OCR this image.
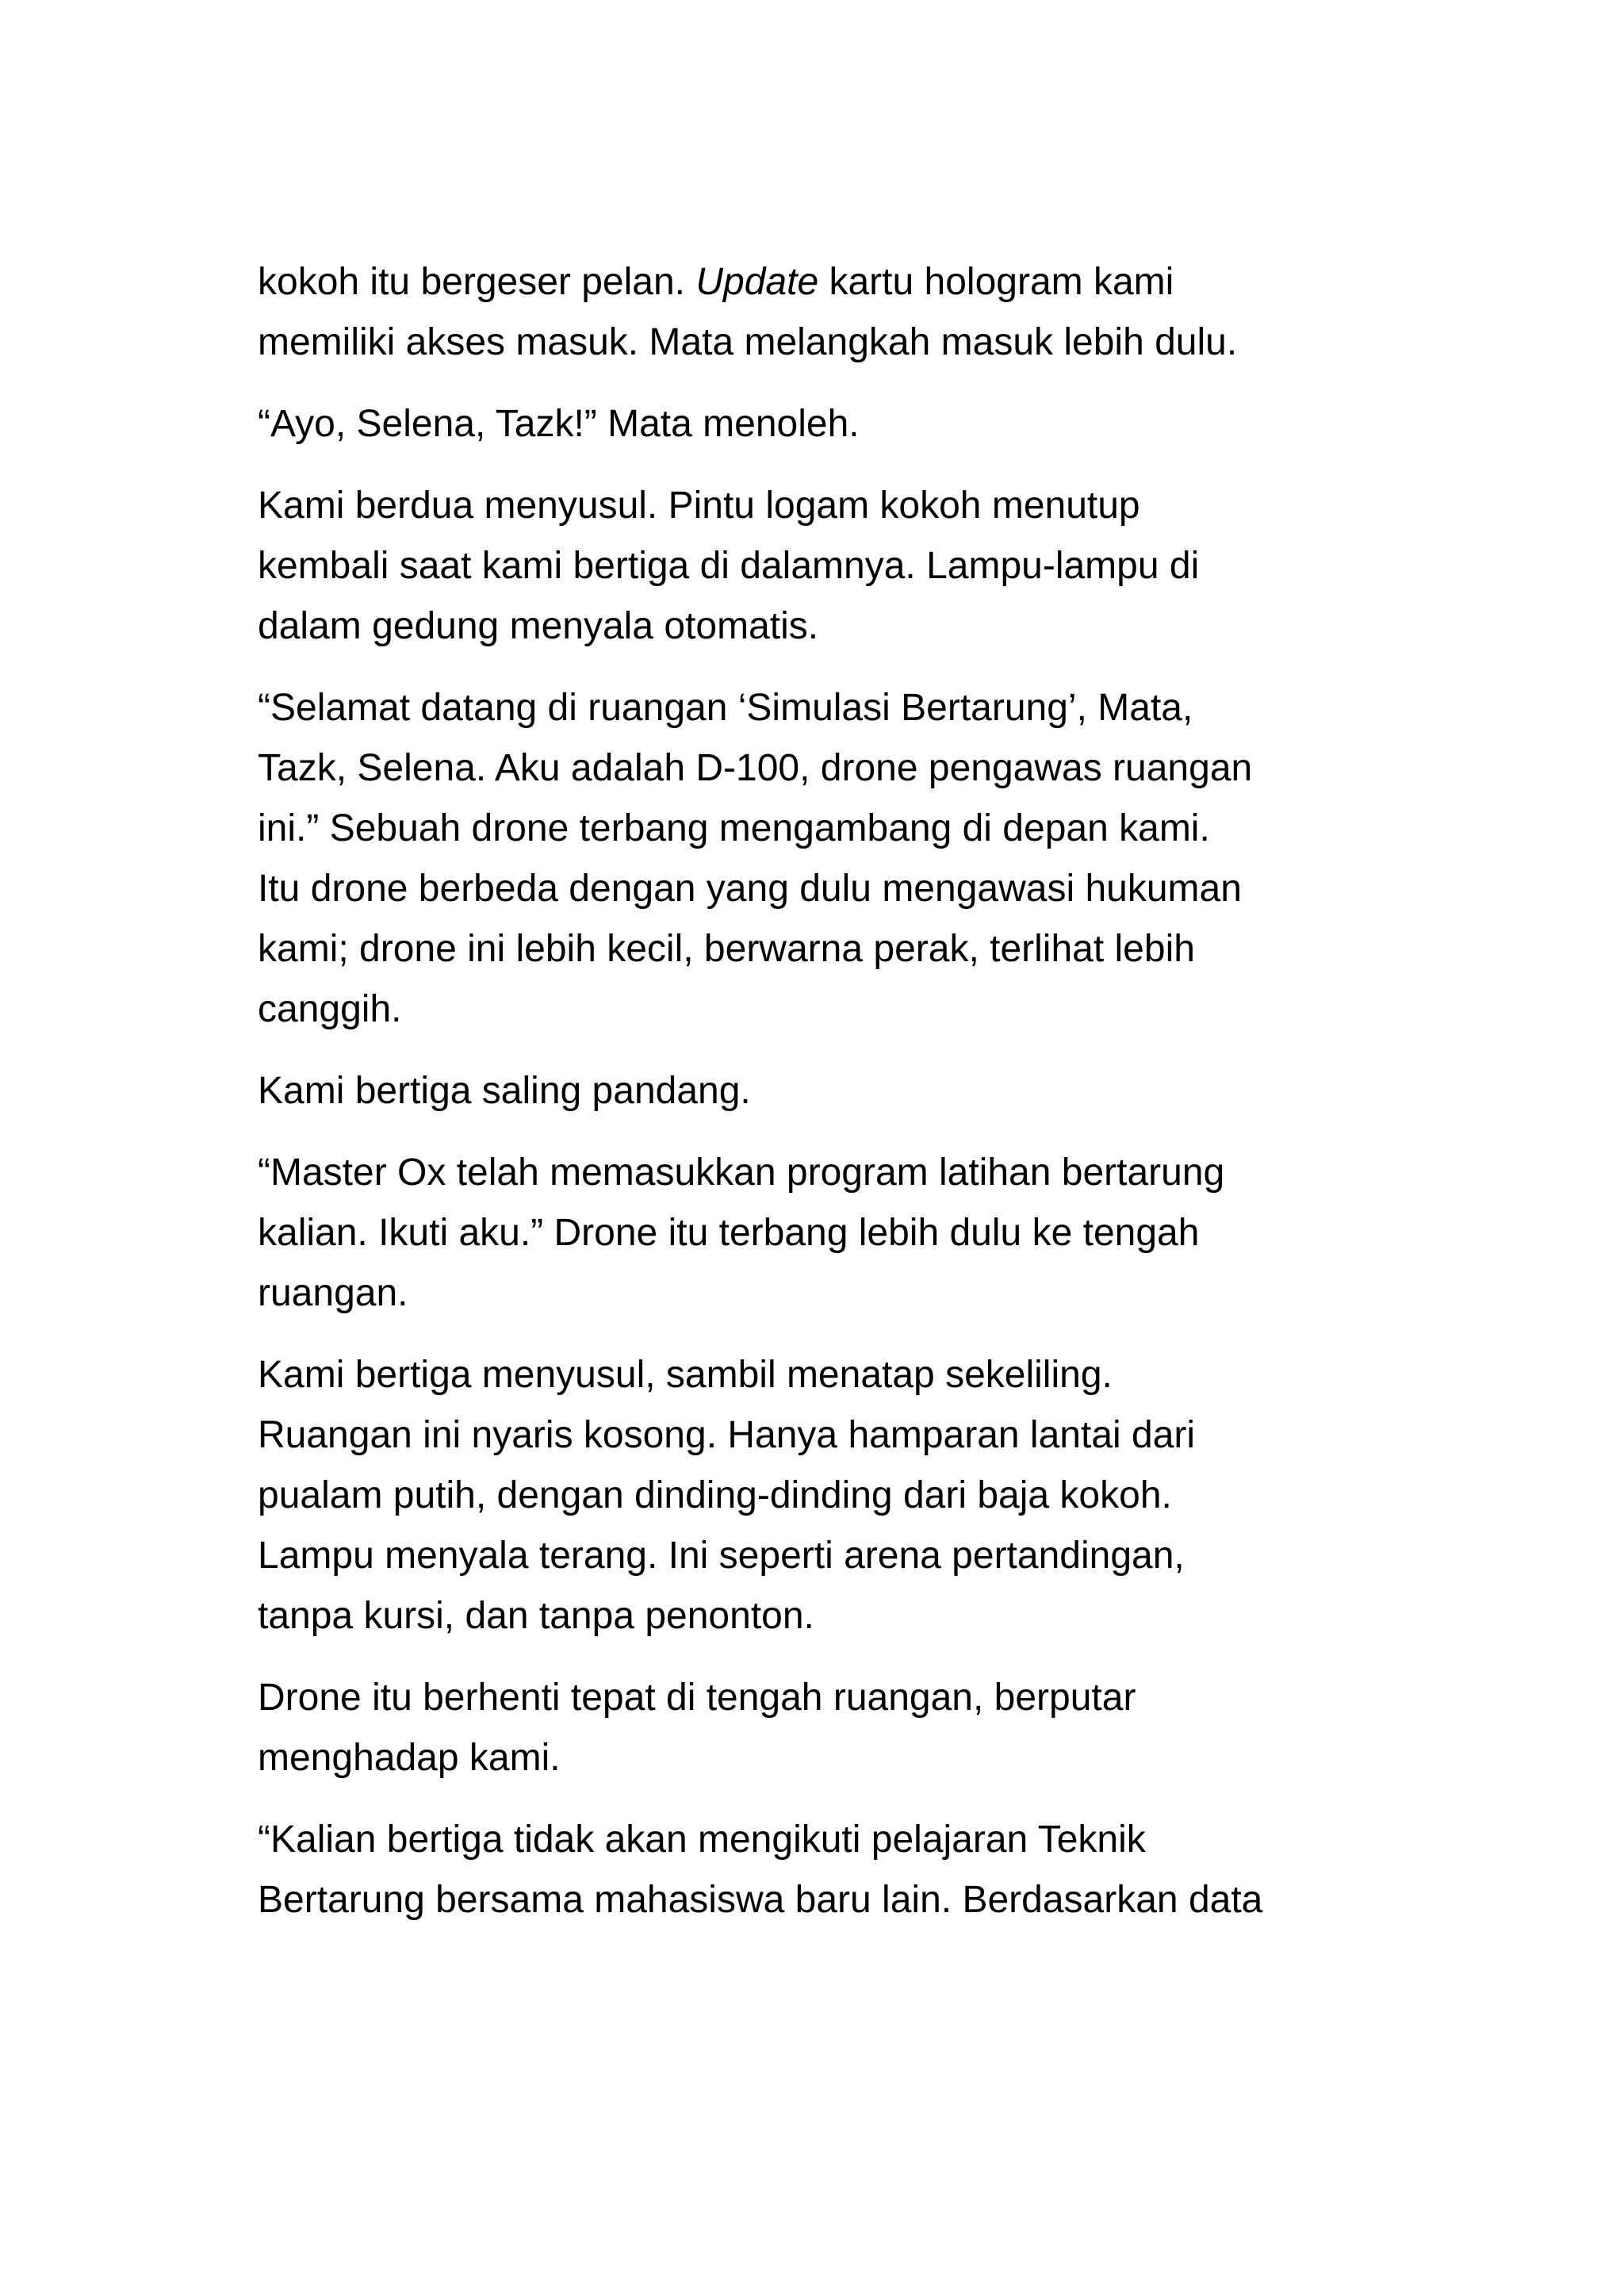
kokoh itu bergeser pelan. Update kartu hologram kami
memiliki akses masuk. Mata melangkah masuk lebih dulu.

“Ayo, Selena, Tazk!” Mata menoleh.

Kami berdua menyusul. Pintu logam kokoh menutup
kembali saat kami bertiga di dalamnya. Lampu-lampu di
dalam gedung menyala otomatis.

“Selamat datang di ruangan ‘Simulasi Bertarung’, Mata,
Tazk, Selena. Aku adalah D-100, drone pengawas ruangan
ini.” Sebuah drone terbang mengambang di depan kami.
Itu drone berbeda dengan yang dulu mengawasi hukuman
kami; drone ini lebih kecil, berwarna perak, terlihat lebih
canggih.

Kami bertiga saling pandang.

“Master Ox telah memasukkan program latihan bertarung
kalian. Ikuti aku.” Drone itu terbang lebih dulu ke tengah
ruangan.

Kami bertiga menyusul, sambil menatap sekeliling.
Ruangan ini nyaris kosong. Hanya hamparan lantai dari
pualam putih, dengan dinding-dinding dari baja kokoh.
Lampu menyala terang. Ini seperti arena pertandingan,
tanpa kursi, dan tanpa penonton.

Drone itu berhenti tepat di tengah ruangan, berputar
menghadap kami.

“Kalian bertiga tidak akan mengikuti pelajaran Teknik
Bertarung bersama mahasiswa baru lain. Berdasarkan data
